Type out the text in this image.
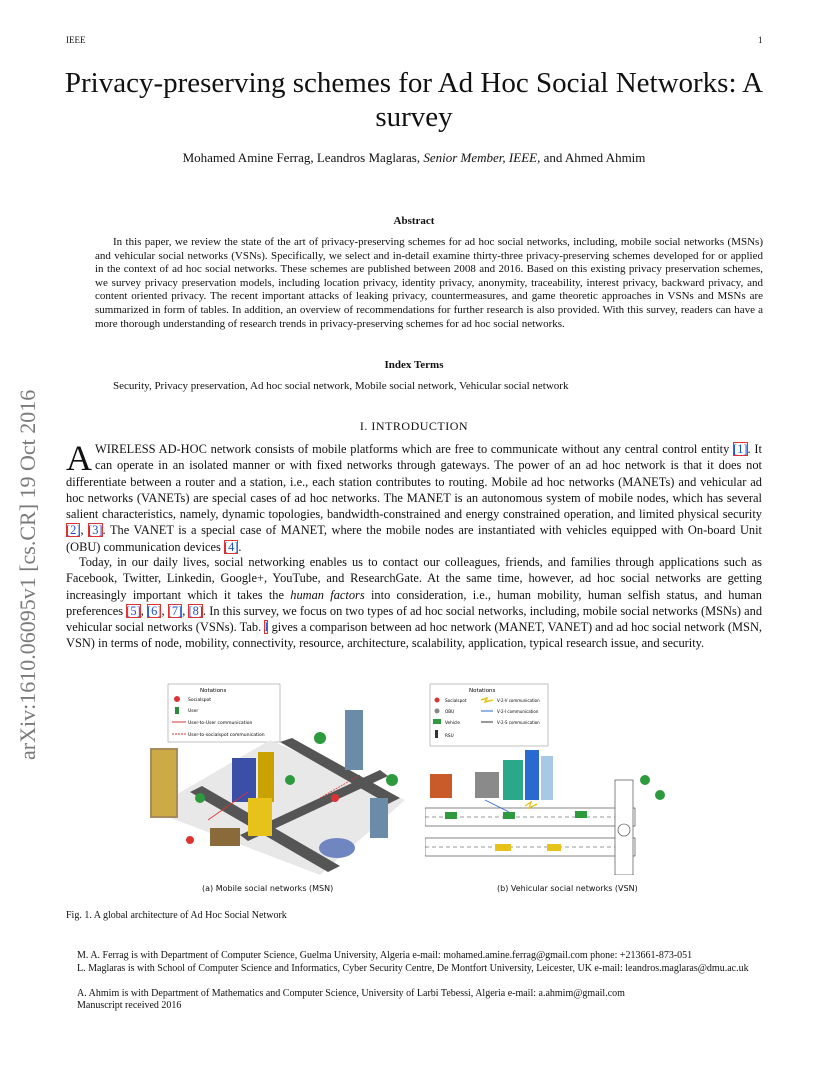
IEEE	1
arXiv:1610.06095v1 [cs.CR] 19 Oct 2016
Privacy-preserving schemes for Ad Hoc Social Networks: A survey
Mohamed Amine Ferrag, Leandros Maglaras, Senior Member, IEEE, and Ahmed Ahmim
Abstract
In this paper, we review the state of the art of privacy-preserving schemes for ad hoc social networks, including, mobile social networks (MSNs) and vehicular social networks (VSNs). Specifically, we select and in-detail examine thirty-three privacy-preserving schemes developed for or applied in the context of ad hoc social networks. These schemes are published between 2008 and 2016. Based on this existing privacy preservation schemes, we survey privacy preservation models, including location privacy, identity privacy, anonymity, traceability, interest privacy, backward privacy, and content oriented privacy. The recent important attacks of leaking privacy, countermeasures, and game theoretic approaches in VSNs and MSNs are summarized in form of tables. In addition, an overview of recommendations for further research is also provided. With this survey, readers can have a more thorough understanding of research trends in privacy-preserving schemes for ad hoc social networks.
Index Terms
Security, Privacy preservation, Ad hoc social network, Mobile social network, Vehicular social network
I. INTRODUCTION
AWIRELESS AD-HOC network consists of mobile platforms which are free to communicate without any central control entity [1]. It can operate in an isolated manner or with fixed networks through gateways. The power of an ad hoc network is that it does not differentiate between a router and a station, i.e., each station contributes to routing. Mobile ad hoc networks (MANETs) and vehicular ad hoc networks (VANETs) are special cases of ad hoc networks. The MANET is an autonomous system of mobile nodes, which has several salient characteristics, namely, dynamic topologies, bandwidth-constrained and energy constrained operation, and limited physical security [2], [3]. The VANET is a special case of MANET, where the mobile nodes are instantiated with vehicles equipped with On-board Unit (OBU) communication devices [4].
Today, in our daily lives, social networking enables us to contact our colleagues, friends, and families through applications such as Facebook, Twitter, Linkedin, Google+, YouTube, and ResearchGate. At the same time, however, ad hoc social networks are getting increasingly important which it takes the human factors into consideration, i.e., human mobility, human selfish status, and human preferences [5], [6], [7], [8]. In this survey, we focus on two types of ad hoc social networks, including, mobile social networks (MSNs) and vehicular social networks (VSNs). Tab. I gives a comparison between ad hoc network (MANET, VANET) and ad hoc social network (MSN, VSN) in terms of node, mobility, connectivity, resource, architecture, scalability, application, typical research issue, and security.
Notations
Socialspot
User
User-to-User communication
User-to-socialspot communication
(a) Mobile social networks (MSN)
Notations
Socialspot
OBU
Vehicle
RSU
V-2-V communication
V-2-I communication
V-2-S communication
(b) Vehicular social networks (VSN)
Fig. 1. A global architecture of Ad Hoc Social Network
M. A. Ferrag is with Department of Computer Science, Guelma University, Algeria e-mail: mohamed.amine.ferrag@gmail.com phone: +213661-873-051
L. Maglaras is with School of Computer Science and Informatics, Cyber Security Centre, De Montfort University, Leicester, UK e-mail: leandros.maglaras@dmu.ac.uk
A. Ahmim is with Department of Mathematics and Computer Science, University of Larbi Tebessi, Algeria e-mail: a.ahmim@gmail.com
Manuscript received 2016
